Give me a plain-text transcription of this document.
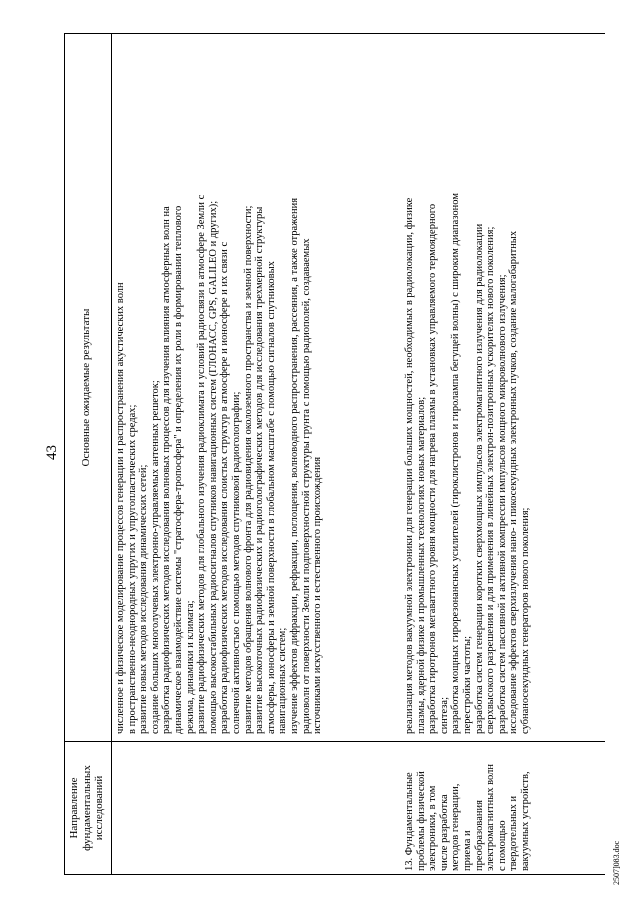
43
Направление фундаментальных исследований
Основные ожидаемые результаты численное и физическое моделирование процессов генерации и распространения акустических волн в пространственно-неоднородных упругих и упругопластических средах; развитие новых методов исследования динамических сетей; создание больших многолучевых электронно-управляемых антенных решеток; разработка радиофизических методов исследования волновых процессов для изучения влияния атмосферных волн на динамическое взаимодействие системы "стратосфера-тропосфера" и определения их роли в формировании теплового режима, динамики и климата; развитие радиофизических методов для глобального изучения радиоклимата и условий радиосвязи в атмосфере Земли с помощью высокостабильных радиосигналов спутников навигационных систем (ГЛОНАСС, GPS, GALILEO и других); разработка радиофизических методов исследования слоистых структур в атмосфере и ионосфере и их связи с солнечной активностью с помощью методов спутниковой радиоголографии; развитие методов обращения волнового фронта для радиовидения околоземного пространства и земной поверхности; развитие высокоточных радиофизических и радиоголографических методов для исследования трехмерной структуры атмосферы, ионосферы и земной поверхности в глобальном масштабе с помощью сигналов спутниковых навигационных систем; изучение эффектов дифракции, рефракции, поглощения, волноводного распространения, рассеяния, а также отражения радиоволн от поверхности Земли и подповерхностной структуры грунта с помощью радиополей, создаваемых источниками искусственного и естественного происхождения
13. Фундаментальные проблемы физической электроники, в том числе разработка методов генерации, приема и преобразования электромагнитных волн с помощью твердотельных и вакуумных устройств,
реализация методов вакуумной электроники для генерации больших мощностей, необходимых в радиолокации, физике плазмы, ядерной физике и промышленных технологиях новых материалов; разработка гиротронов мегаваттного уровня мощности для нагрева плазмы в установках управляемого термоядерного синтеза; разработка мощных гирорезонансных усилителей (гироклистронов и гиролампа бегущей волны) с широким диапазоном перестройки частоты; разработка систем генерации коротких сверхмощных импульсов электромагнитного излучения для радиолокации сверхвысокого разрешения и для применения в линейных электрон-позитронных ускорителях нового поколения; разработка систем пассивной и активной компрессии импульсов мощного микроволнового излучения; исследование эффектов сверхизлучения нано- и пикосекундных электронных пучков, создание малогабаритных субнаносекундных генераторов нового поколения;
2507]083.doc
